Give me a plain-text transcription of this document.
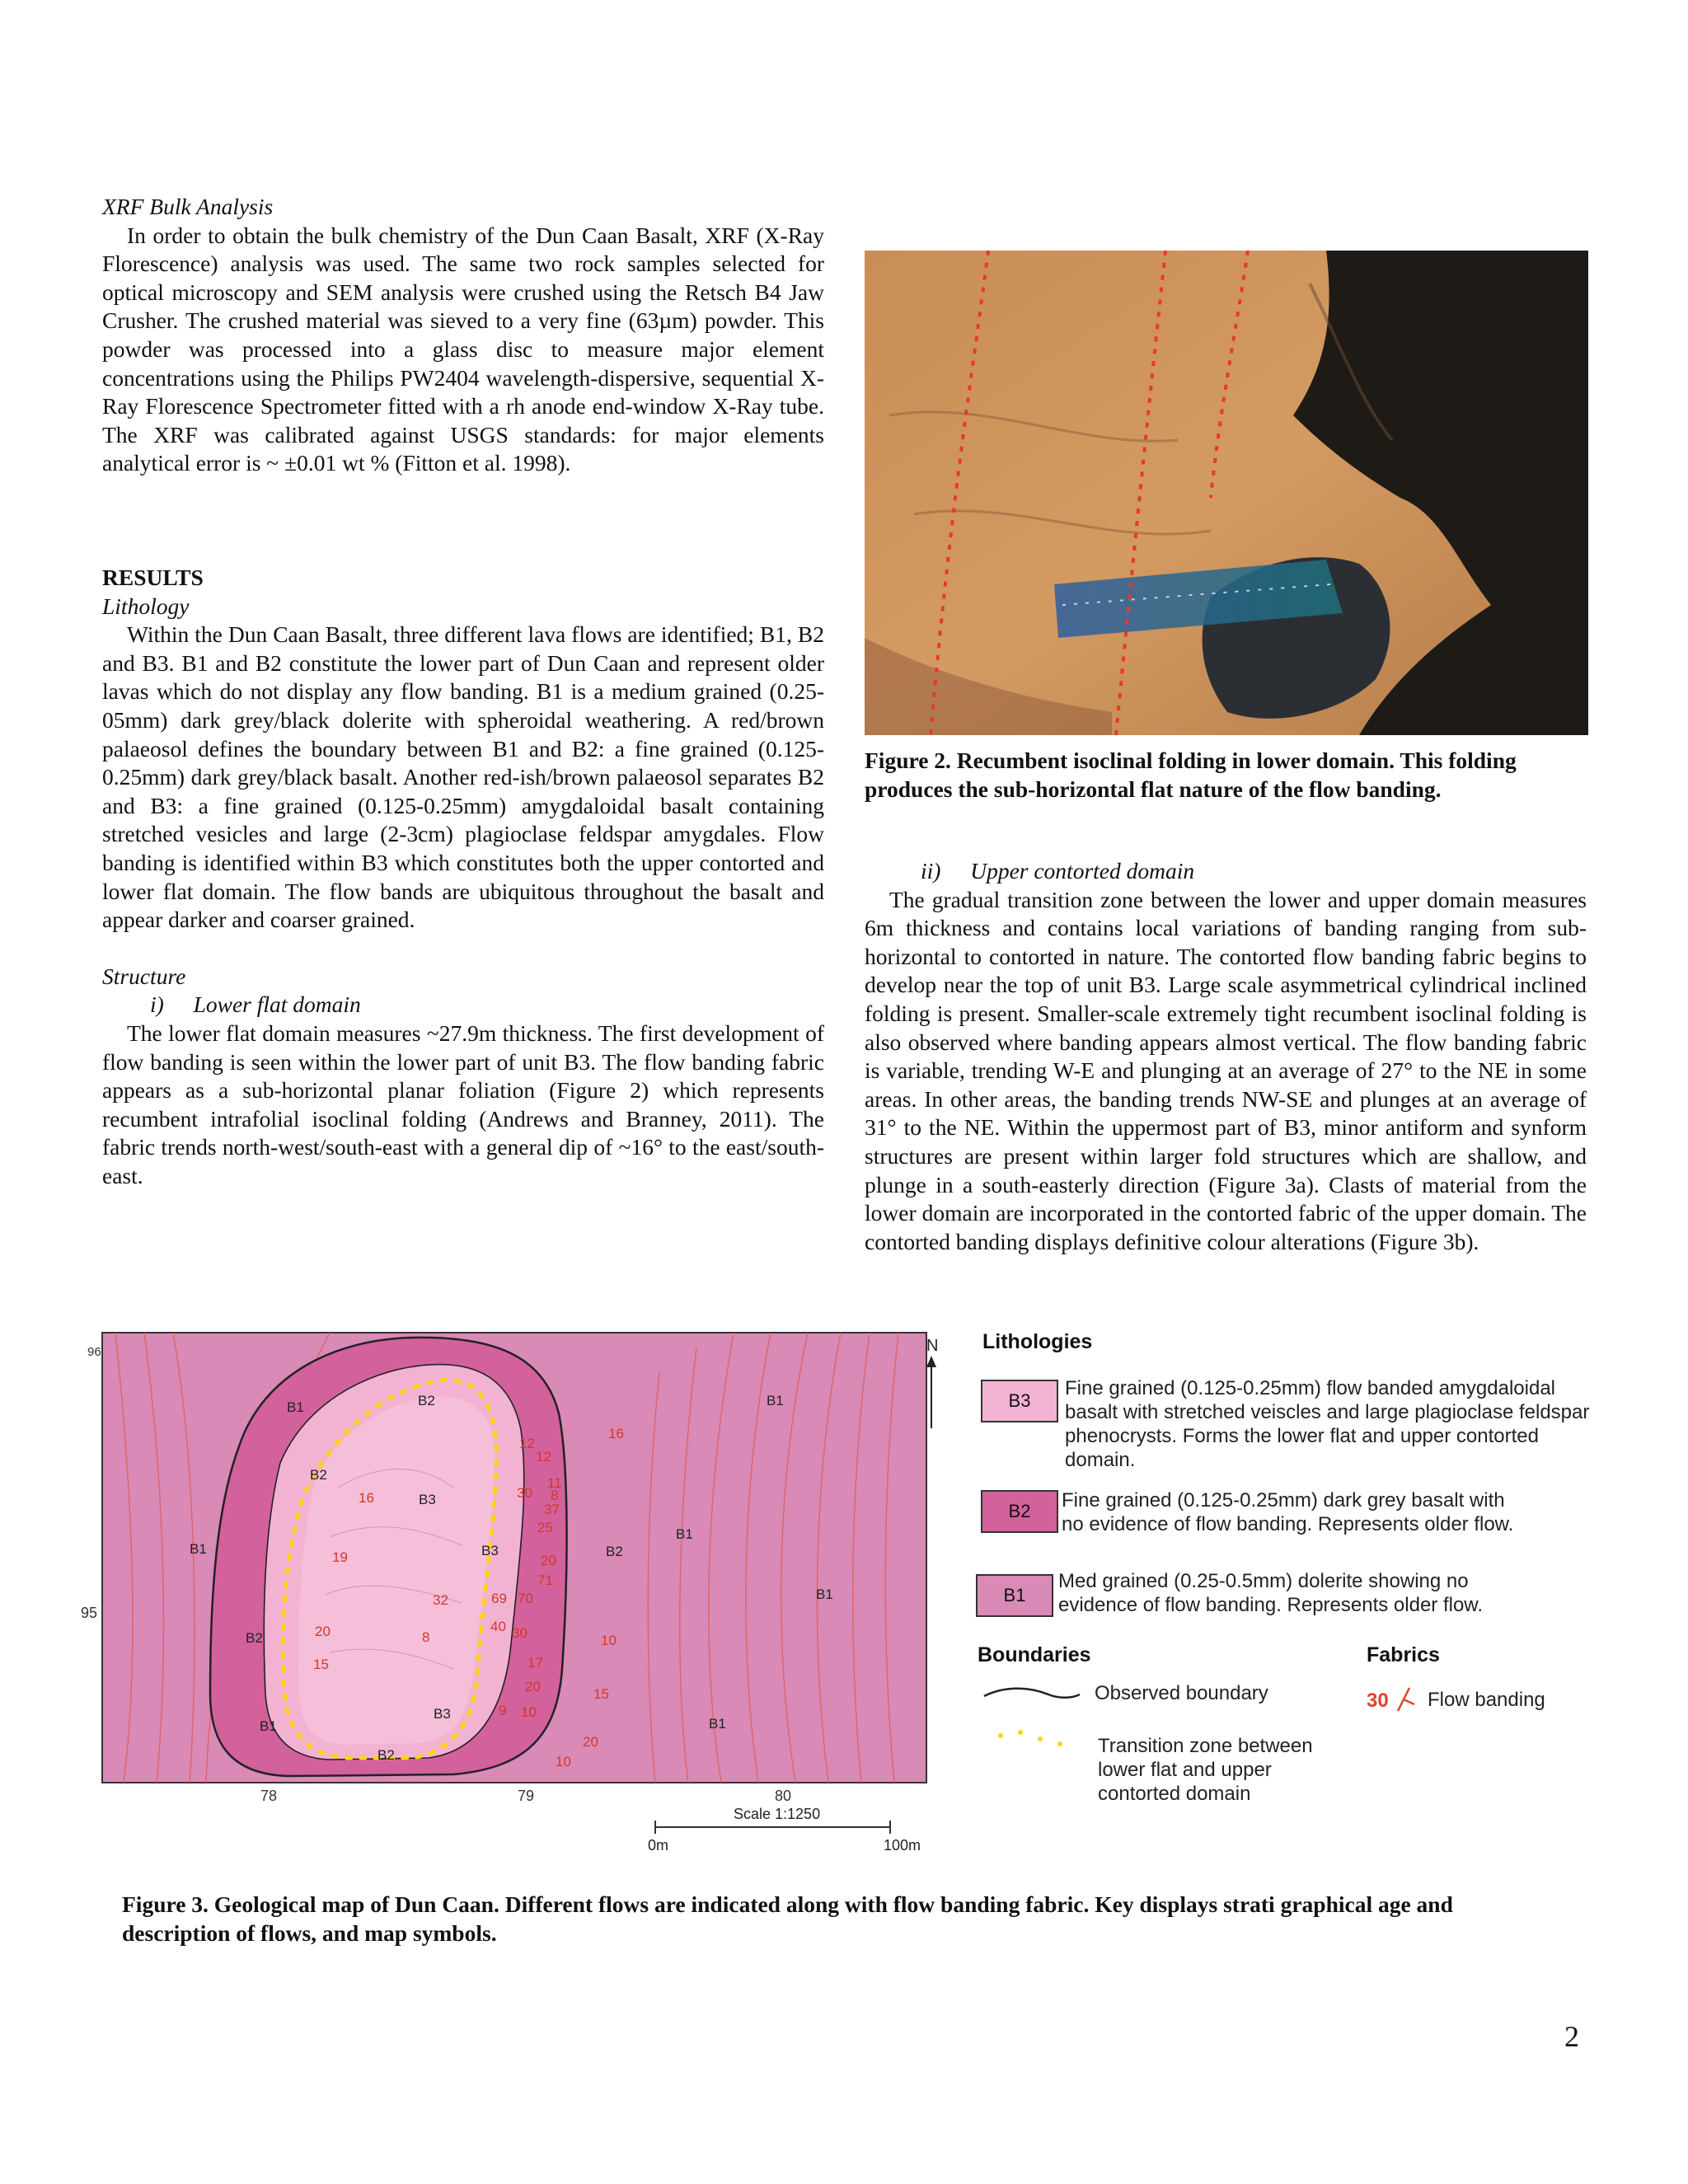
XRF Bulk Analysis

In order to obtain the bulk chemistry of the Dun Caan Basalt, XRF (X-Ray Florescence) analysis was used. The same two rock samples selected for optical microscopy and SEM analysis were crushed using the Retsch B4 Jaw Crusher. The crushed material was sieved to a very fine (63µm) powder. This powder was processed into a glass disc to measure major element concentrations using the Philips PW2404 wavelength-dispersive, sequential X-Ray Florescence Spectrometer fitted with a rh anode end-window X-Ray tube. The XRF was calibrated against USGS standards: for major elements analytical error is ~ ±0.01 wt % (Fitton et al. 1998).

RESULTS

Lithology

Within the Dun Caan Basalt, three different lava flows are identified; B1, B2 and B3. B1 and B2 constitute the lower part of Dun Caan and represent older lavas which do not display any flow banding. B1 is a medium grained (0.25-05mm) dark grey/black dolerite with spheroidal weathering. A red/brown palaeosol defines the boundary between B1 and B2: a fine grained (0.125-0.25mm) dark grey/black basalt. Another red-ish/brown palaeosol separates B2 and B3: a fine grained (0.125-0.25mm) amygdaloidal basalt containing stretched vesicles and large (2-3cm) plagioclase feldspar amygdales. Flow banding is identified within B3 which constitutes both the upper contorted and lower flat domain. The flow bands are ubiquitous throughout the basalt and appear darker and coarser grained.

Structure

i) Lower flat domain

The lower flat domain measures ~27.9m thickness. The first development of flow banding is seen within the lower part of unit B3. The flow banding fabric appears as a sub-horizontal planar foliation (Figure 2) which represents recumbent intrafolial isoclinal folding (Andrews and Branney, 2011). The fabric trends north-west/south-east with a general dip of ~16° to the east/south-east.

Figure 2. Recumbent isoclinal folding in lower domain. This folding produces the sub-horizontal flat nature of the flow banding.

ii) Upper contorted domain

The gradual transition zone between the lower and upper domain measures 6m thickness and contains local variations of banding ranging from sub-horizontal to contorted in nature. The contorted flow banding fabric begins to develop near the top of unit B3. Large scale asymmetrical cylindrical inclined folding is present. Smaller-scale extremely tight recumbent isoclinal folding is also observed where banding appears almost vertical. The flow banding fabric is variable, trending W-E and plunging at an average of 27° to the NE in some areas. In other areas, the banding trends NW-SE and plunges at an average of 31° to the NE. Within the uppermost part of B3, minor antiform and synform structures are present within larger fold structures which are shallow, and plunge in a south-easterly direction (Figure 3a). Clasts of material from the lower domain are incorporated in the contorted fabric of the upper domain. The contorted banding displays definitive colour alterations (Figure 3b).

B1	B1
B1
B1
B1
B1	B1
B2
B2
B2
B2
B2
B3
B3
B3
12
12
16
11
30 8
37
25
20
16
71
69 70
19
32
40 30
20	8	10
17
15
20	15
9 10
20
10
96
95
78	79	80
Scale 1:1250
0m	100m
N Lithologies
B3
Fine grained (0.125-0.25mm) flow banded amygdaloidal basalt with stretched veiscles and large plagioclase feldspar phenocrysts. Forms the lower flat and upper contorted domain.
B2 Fine grained (0.125-0.25mm) dark grey basalt with no evidence of flow banding. Represents older flow.
B1
Med grained (0.25-0.5mm) dolerite showing no evidence of flow banding. Represents older flow.
Boundaries	Fabrics
Observed boundary
Transition zone between lower flat and upper contorted domain
30 Flow banding
Figure 3. Geological map of Dun Caan. Different flows are indicated along with flow banding fabric. Key displays strati graphical age and description of flows, and map symbols.
2
